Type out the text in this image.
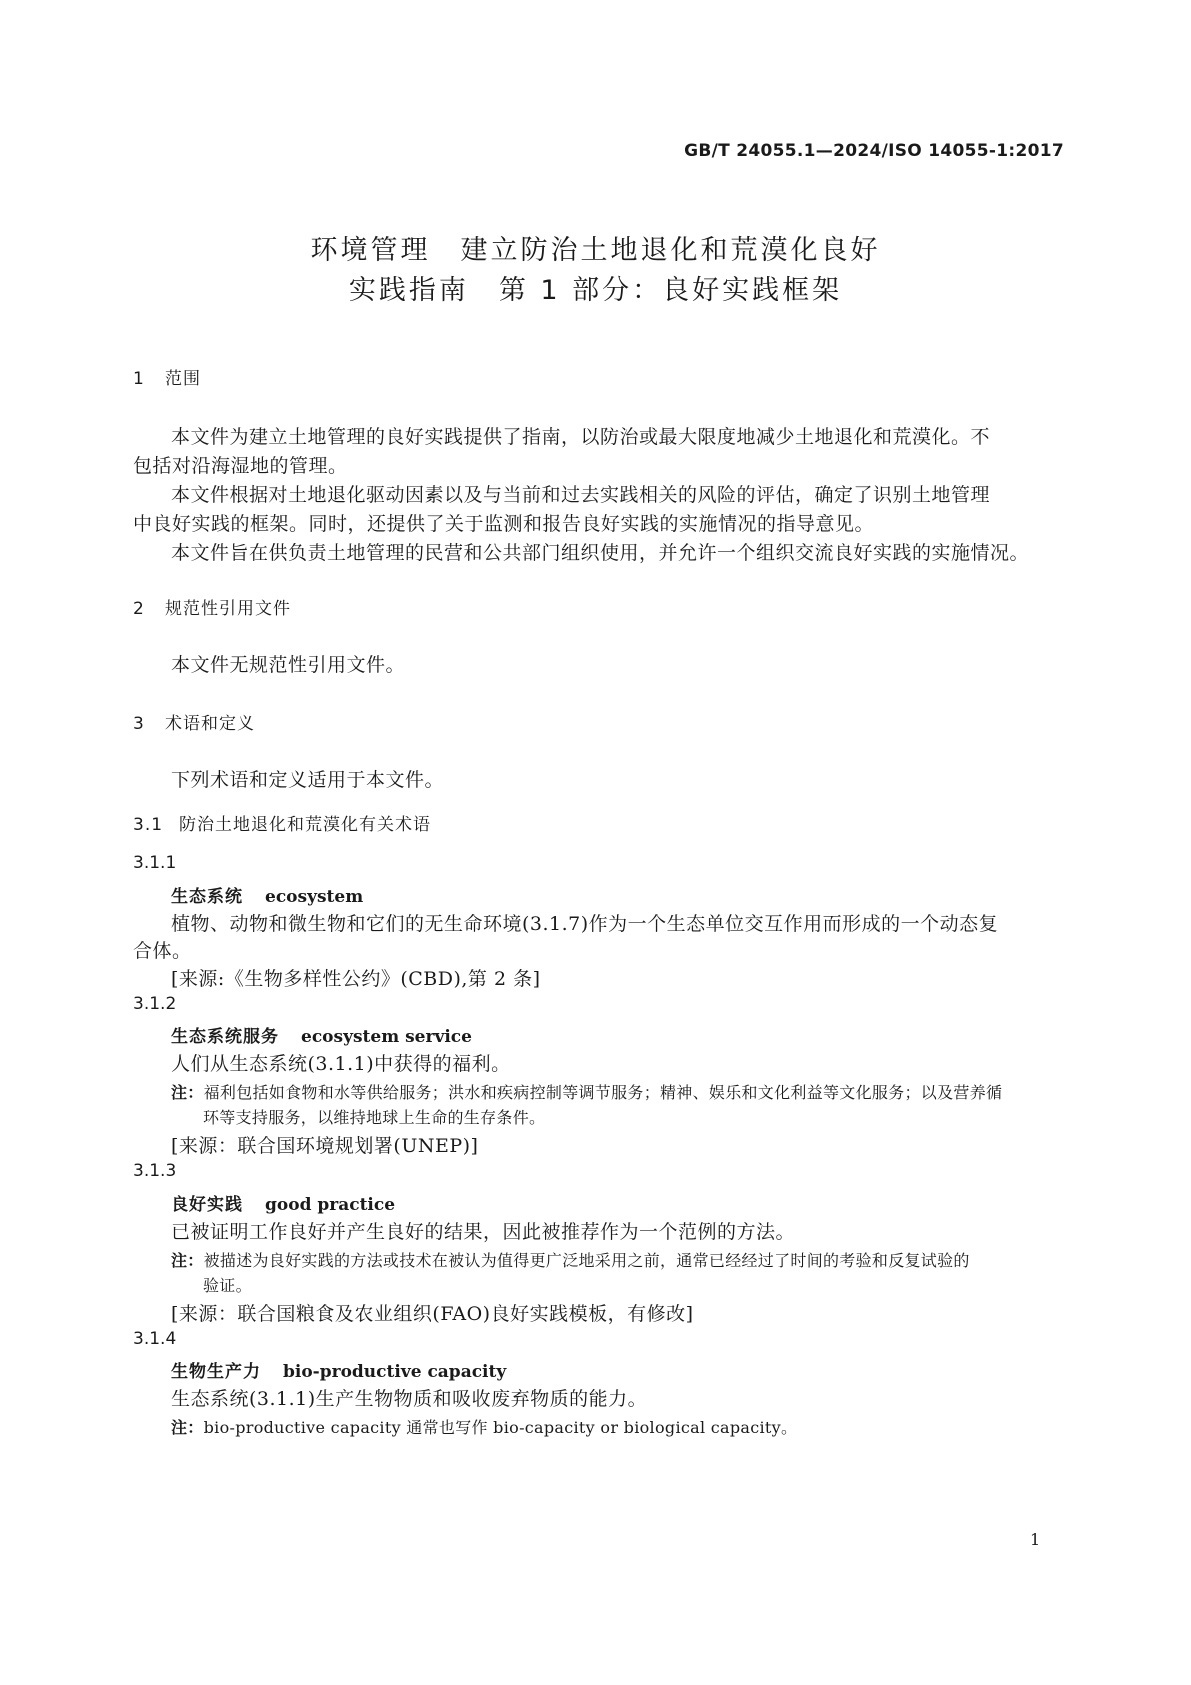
GB/T 24055.1—2024/ISO 14055-1:2017
环境管理　建立防治土地退化和荒漠化良好
实践指南　第 1 部分：良好实践框架
1 范围
本文件为建立土地管理的良好实践提供了指南，以防治或最大限度地减少土地退化和荒漠化。不
包括对沿海湿地的管理。
本文件根据对土地退化驱动因素以及与当前和过去实践相关的风险的评估，确定了识别土地管理
中良好实践的框架。同时，还提供了关于监测和报告良好实践的实施情况的指导意见。
本文件旨在供负责土地管理的民营和公共部门组织使用，并允许一个组织交流良好实践的实施情况。
2 规范性引用文件
本文件无规范性引用文件。
3 术语和定义
下列术语和定义适用于本文件。
3.1 防治土地退化和荒漠化有关术语
3.1.1
生态系统 ecosystem
植物、动物和微生物和它们的无生命环境(3.1.7)作为一个生态单位交互作用而形成的一个动态复
合体。
[来源:《生物多样性公约》(CBD),第 2 条]
3.1.2
生态系统服务 ecosystem service
人们从生态系统(3.1.1)中获得的福利。
注：福利包括如食物和水等供给服务；洪水和疾病控制等调节服务；精神、娱乐和文化利益等文化服务；以及营养循
环等支持服务，以维持地球上生命的生存条件。
[来源：联合国环境规划署(UNEP)]
3.1.3
良好实践 good practice
已被证明工作良好并产生良好的结果，因此被推荐作为一个范例的方法。
注：被描述为良好实践的方法或技术在被认为值得更广泛地采用之前，通常已经经过了时间的考验和反复试验的
验证。
[来源：联合国粮食及农业组织(FAO)良好实践模板，有修改]
3.1.4
生物生产力 bio-productive capacity
生态系统(3.1.1)生产生物物质和吸收废弃物质的能力。
注：bio-productive capacity 通常也写作 bio-capacity or biological capacity。
1
